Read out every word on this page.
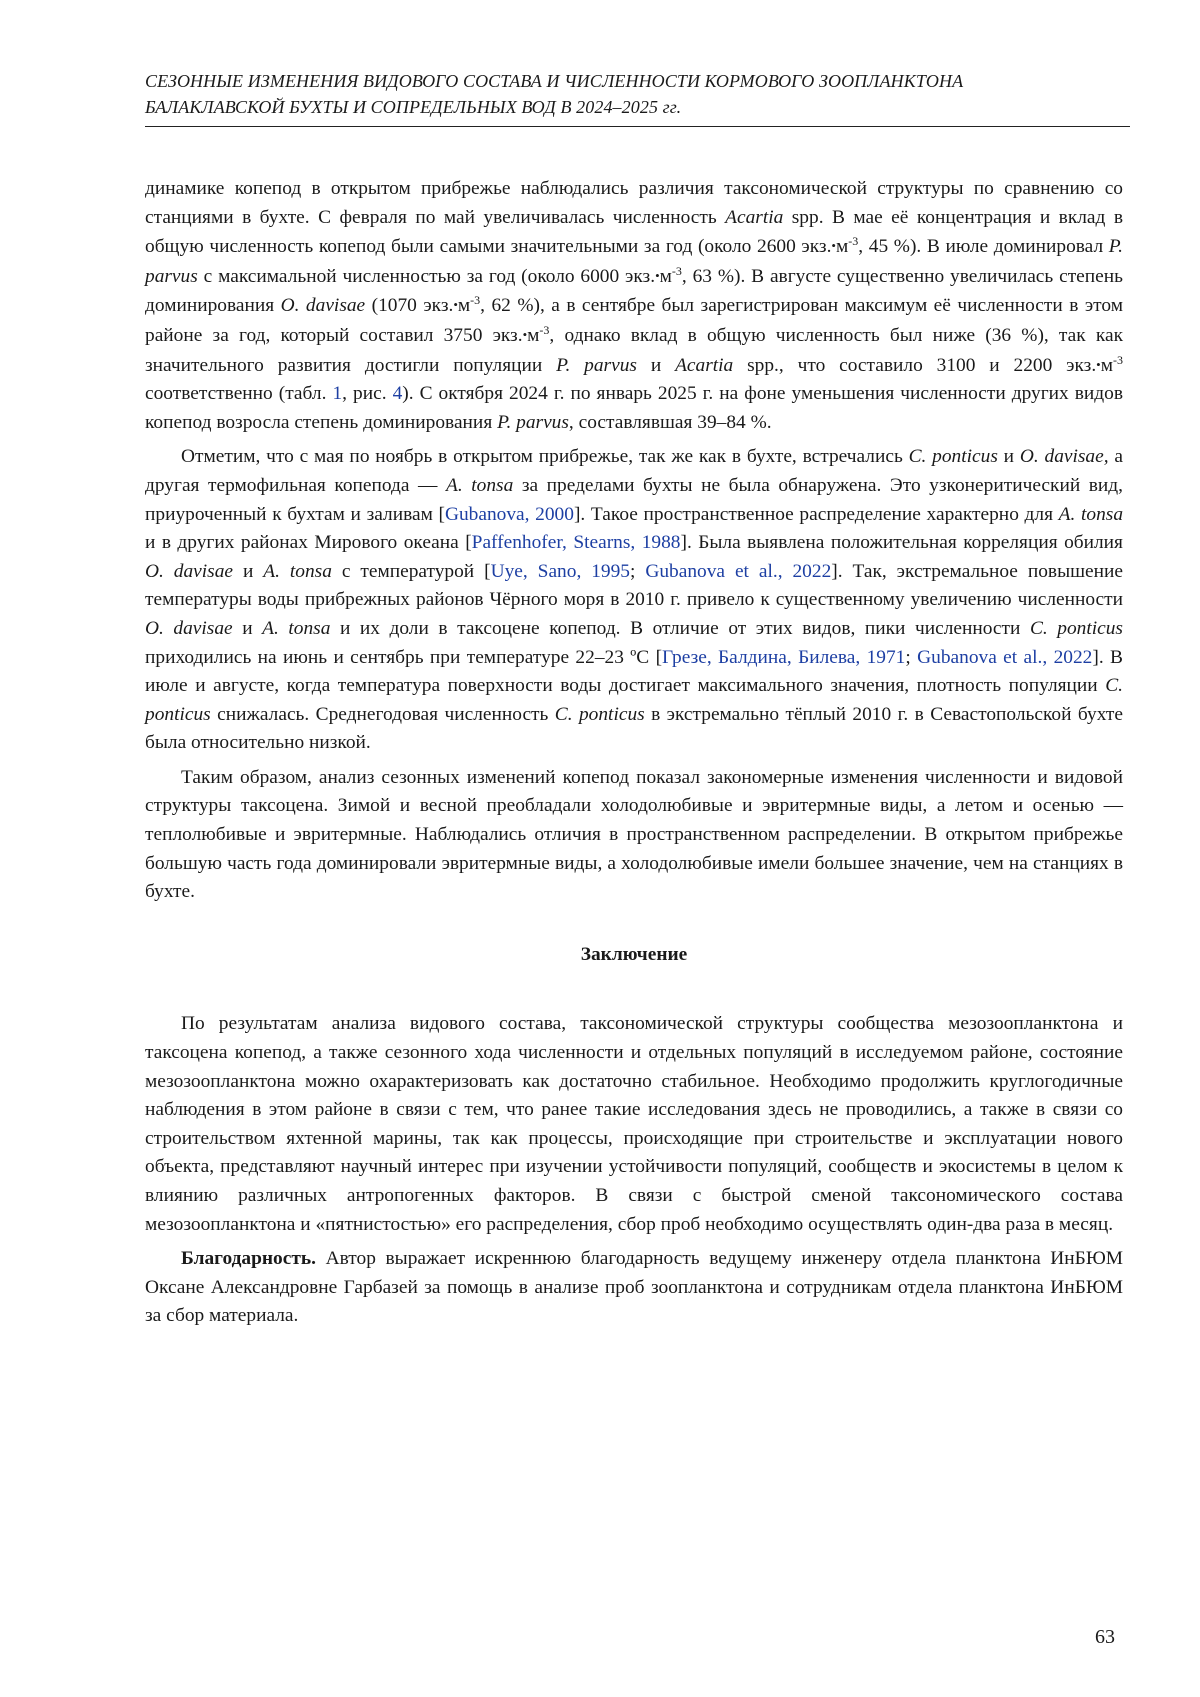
СЕЗОННЫЕ ИЗМЕНЕНИЯ ВИДОВОГО СОСТАВА И ЧИСЛЕННОСТИ КОРМОВОГО ЗООПЛАНКТОНА
БАЛАКЛАВСКОЙ БУХТЫ И СОПРЕДЕЛЬНЫХ ВОД В 2024–2025 гг.

динамике копепод в открытом прибрежье наблюдались различия таксономической структуры по сравнению со станциями в бухте. С февраля по май увеличивалась численность Acartia spp. В мае её концентрация и вклад в общую численность копепод были самыми значительными за год (около 2600 $экз.•м^{-3}$, 45 %). В июле доминировал P. parvus с максимальной численностью за год (около 6000 $экз.•м^{-3}$, 63 %). В августе существенно увеличилась степень доминирования O. davisae (1070 $экз.•м^{-3}$, 62 %), а в сентябре был зарегистрирован максимум её численности в этом районе за год, который составил 3750 $экз.•м^{-3}$, однако вклад в общую численность был ниже (36 %), так как значительного развития достигли популяции P. parvus и Acartia spp., что составило 3100 и 2200 $экз.•м^{-3}$ соответственно (табл. 1, рис. 4). С октября 2024 г. по январь 2025 г. на фоне уменьшения численности других видов копепод возросла степень доминирования P. parvus, составлявшая 39–84 %.

Отметим, что с мая по ноябрь в открытом прибрежье, так же как в бухте, встречались C. ponticus и O. davisae, а другая термофильная копепода — A. tonsa за пределами бухты не была обнаружена. Это узконеритический вид, приуроченный к бухтам и заливам [Gubanova, 2000]. Такое пространственное распределение характерно для A. tonsa и в других районах Мирового океана [Paffenhofer, Stearns, 1988]. Была выявлена положительная корреляция обилия O. davisae и A. tonsa с температурой [Uye, Sano, 1995; Gubanova et al., 2022]. Так, экстремальное повышение температуры воды прибрежных районов Чёрного моря в 2010 г. привело к существенному увеличению численности O. davisae и A. tonsa и их доли в таксоцене копепод. В отличие от этих видов, пики численности C. ponticus приходились на июнь и сентябрь при температуре 22–23 ºС [Грезе, Балдина, Билева, 1971; Gubanova et al., 2022]. В июле и августе, когда температура поверхности воды достигает максимального значения, плотность популяции C. ponticus снижалась. Среднегодовая численность C. ponticus в экстремально тёплый 2010 г. в Севастопольской бухте была относительно низкой.

Таким образом, анализ сезонных изменений копепод показал закономерные изменения численности и видовой структуры таксоцена. Зимой и весной преобладали холодолюбивые и эвритермные виды, а летом и осенью — теплолюбивые и эвритермные. Наблюдались отличия в пространственном распределении. В открытом прибрежье большую часть года доминировали эвритермные виды, а холодолюбивые имели большее значение, чем на станциях в бухте.

Заключение

По результатам анализа видового состава, таксономической структуры сообщества мезозоопланктона и таксоцена копепод, а также сезонного хода численности и отдельных популяций в исследуемом районе, состояние мезозоопланктона можно охарактеризовать как достаточно стабильное. Необходимо продолжить круглогодичные наблюдения в этом районе в связи с тем, что ранее такие исследования здесь не проводились, а также в связи со строительством яхтенной марины, так как процессы, происходящие при строительстве и эксплуатации нового объекта, представляют научный интерес при изучении устойчивости популяций, сообществ и экосистемы в целом к влиянию различных антропогенных факторов. В связи с быстрой сменой таксономического состава мезозоопланктона и «пятнистостью» его распределения, сбор проб необходимо осуществлять один-два раза в месяц.

Благодарность. Автор выражает искреннюю благодарность ведущему инженеру отдела планктона ИнБЮМ Оксане Александровне Гарбазей за помощь в анализе проб зоопланктона и сотрудникам отдела планктона ИнБЮМ за сбор материала.

63
